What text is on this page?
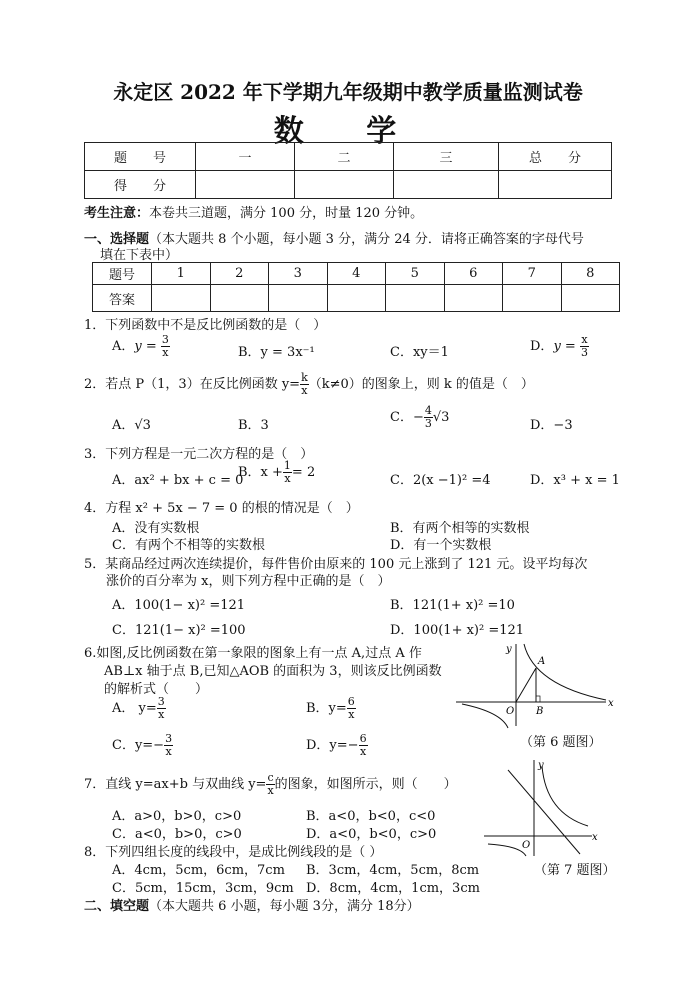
永定区 2022 年下学期九年级期中教学质量监测试卷
数 学
题　　号	一	二	三	总　　分
得　　分				
考生注意：本卷共三道题，满分 100 分，时量 120 分钟。
一、选择题（本大题共 8 个小题，每小题 3 分，满分 24 分．请将正确答案的字母代号
填在下表中）
题号	1	2	3	4	5	6	7	8
答案								
1．下列函数中不是反比例函数的是（　）
A．$y = \frac{3}{x}$	B．y = 3x⁻¹	C．xy＝1	D．$y = \frac{x}{3}$
2．若点 P（1，3）在反比例函数 $y= \frac{k}{x} (k\ne 0)$的图象上，则 k 的值是（　）
A．√3	B．3
C．− $\frac{4}{3} √3$
D．−3
3．下列方程是一元二次方程的是（　）
A．ax² + bx + c = 0
B．$x + \frac{1}{x} = 2$
C．2(x −1)² =4	D．x³ + x = 1
4．方程 x² + 5x − 7 = 0 的根的情况是（　）
A．没有实数根	B．有两个相等的实数根
C．有两个不相等的实数根	D．有一个实数根
5．某商品经过两次连续提价，每件售价由原来的 100 元上涨到了 121 元。设平均每次
涨价的百分率为 x，则下列方程中正确的是（　）
A．100(1− x)² =121	B．121(1+ x)² =10
C．121(1− x)² =100	D．100(1+ x)² =121
6.如图,反比例函数在第一象限的图象上有一点 A,过点 A 作
AB⊥x 轴于点 B,已知△AOB 的面积为 3，则该反比例函数
的解析式（　　）
A． $y= \frac{3}{x}$	B．$y= \frac{6}{x}$
C．$y=- \frac{3}{x}$	D．$y=- \frac{6}{x}$
y
x
O
A
B
（第 6 题图）
7．直线 y=ax+b 与双曲线 $y= \frac{c}{x}$ 的图象，如图所示，则（　　）
A．a>0，b>0，c>0	B．a<0，b<0，c<0
C．a<0，b>0，c>0	D．a<0，b<0，c>0
y
x
O
8．下列四组长度的线段中，是成比例线段的是（ ）
A．4cm，5cm，6cm，7cm B．3cm，4cm，5cm，8cm
C．5cm，15cm，3cm，9cm D．8cm，4cm，1cm，3cm
（第 7 题图）
二、填空题（本大题共 6 小题，每小题 3分，满分 18分）
